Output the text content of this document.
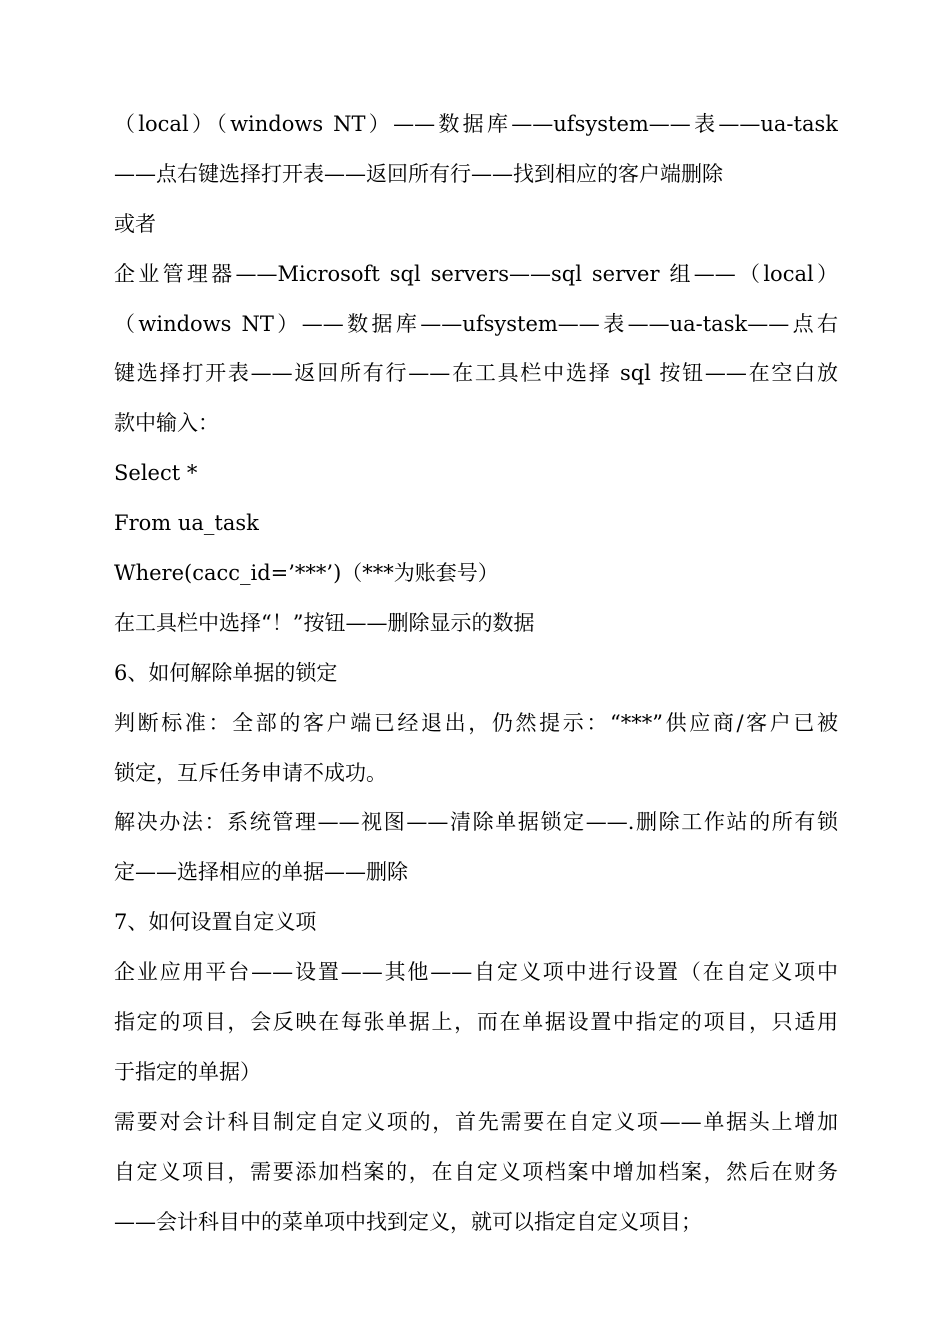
（local）（windows NT）——数据库——ufsystem——表——ua-task
——点右键选择打开表——返回所有行——找到相应的客户端删除
或者
企业管理器——Microsoft sql servers——sql server 组——（local）
（windows NT）——数据库——ufsystem——表——ua-task——点右
键选择打开表——返回所有行——在工具栏中选择 sql 按钮——在空白放
款中输入：
Select *
From ua_task
Where(cacc_id=’***’)（***为账套号）
在工具栏中选择“！”按钮——删除显示的数据
6、如何解除单据的锁定
判断标准：全部的客户端已经退出，仍然提示：“***”供应商/客户已被
锁定，互斥任务申请不成功。
解决办法：系统管理——视图——清除单据锁定——.删除工作站的所有锁
定——选择相应的单据——删除
7、如何设置自定义项
企业应用平台——设置——其他——自定义项中进行设置（在自定义项中
指定的项目，会反映在每张单据上，而在单据设置中指定的项目，只适用
于指定的单据）
需要对会计科目制定自定义项的，首先需要在自定义项——单据头上增加
自定义项目，需要添加档案的，在自定义项档案中增加档案，然后在财务
——会计科目中的菜单项中找到定义，就可以指定自定义项目；
